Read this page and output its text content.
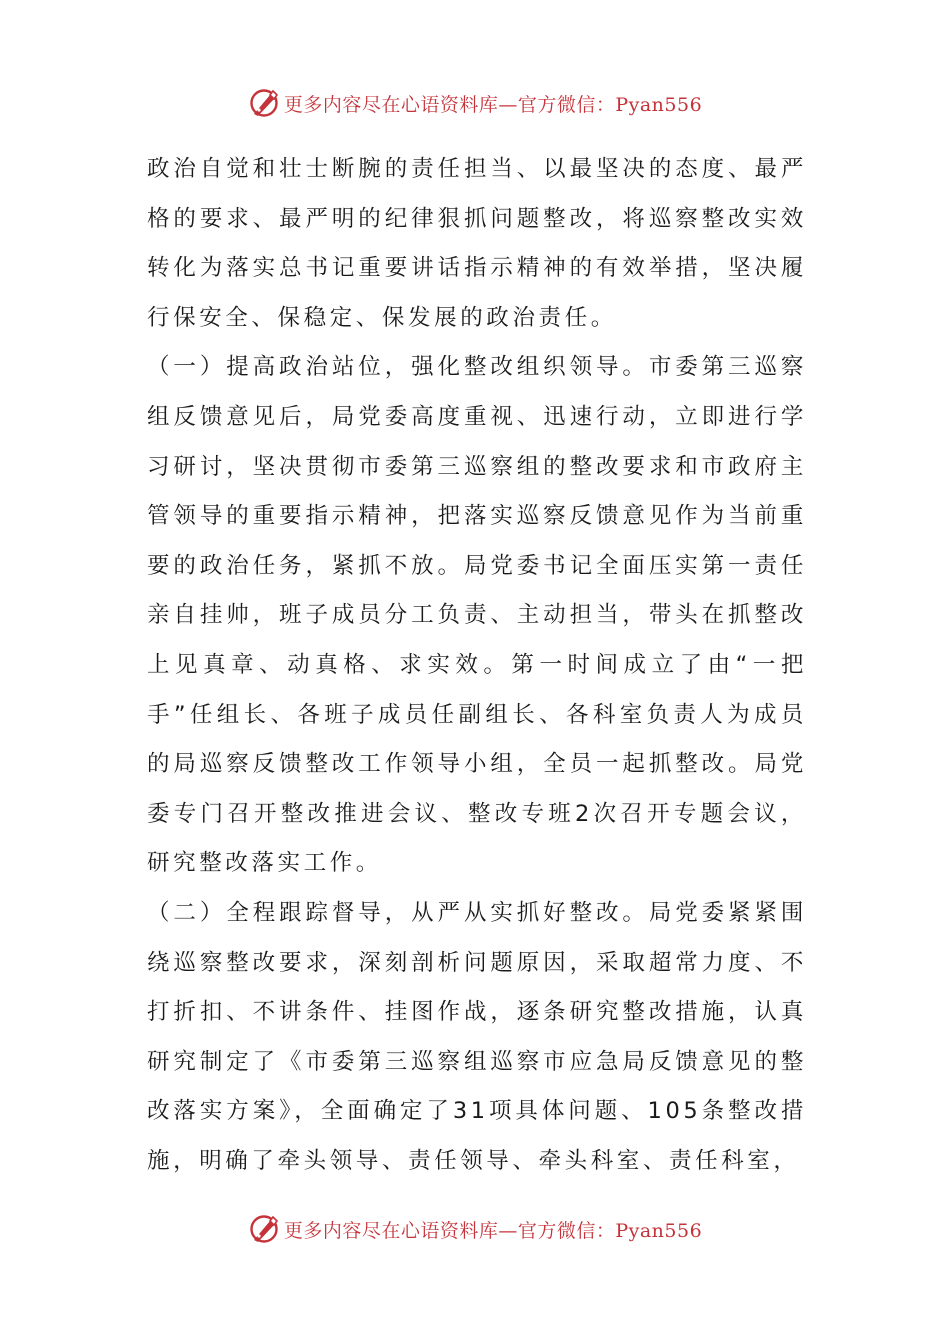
更多内容尽在心语资料库—官方微信：Pyan556

政治自觉和壮士断腕的责任担当、以最坚决的态度、最严格的要求、最严明的纪律狠抓问题整改，将巡察整改实效转化为落实总书记重要讲话指示精神的有效举措，坚决履行保安全、保稳定、保发展的政治责任。

（一）提高政治站位，强化整改组织领导。市委第三巡察组反馈意见后，局党委高度重视、迅速行动，立即进行学习研讨，坚决贯彻市委第三巡察组的整改要求和市政府主管领导的重要指示精神，把落实巡察反馈意见作为当前重要的政治任务，紧抓不放。局党委书记全面压实第一责任亲自挂帅，班子成员分工负责、主动担当，带头在抓整改上见真章、动真格、求实效。第一时间成立了由“一把手”任组长、各班子成员任副组长、各科室负责人为成员的局巡察反馈整改工作领导小组，全员一起抓整改。局党委专门召开整改推进会议、整改专班2次召开专题会议，研究整改落实工作。

（二）全程跟踪督导，从严从实抓好整改。局党委紧紧围绕巡察整改要求，深刻剖析问题原因，采取超常力度、不打折扣、不讲条件、挂图作战，逐条研究整改措施，认真研究制定了《市委第三巡察组巡察市应急局反馈意见的整改落实方案》，全面确定了31项具体问题、105条整改措施，明确了牵头领导、责任领导、牵头科室、责任科室，

更多内容尽在心语资料库—官方微信：Pyan556
